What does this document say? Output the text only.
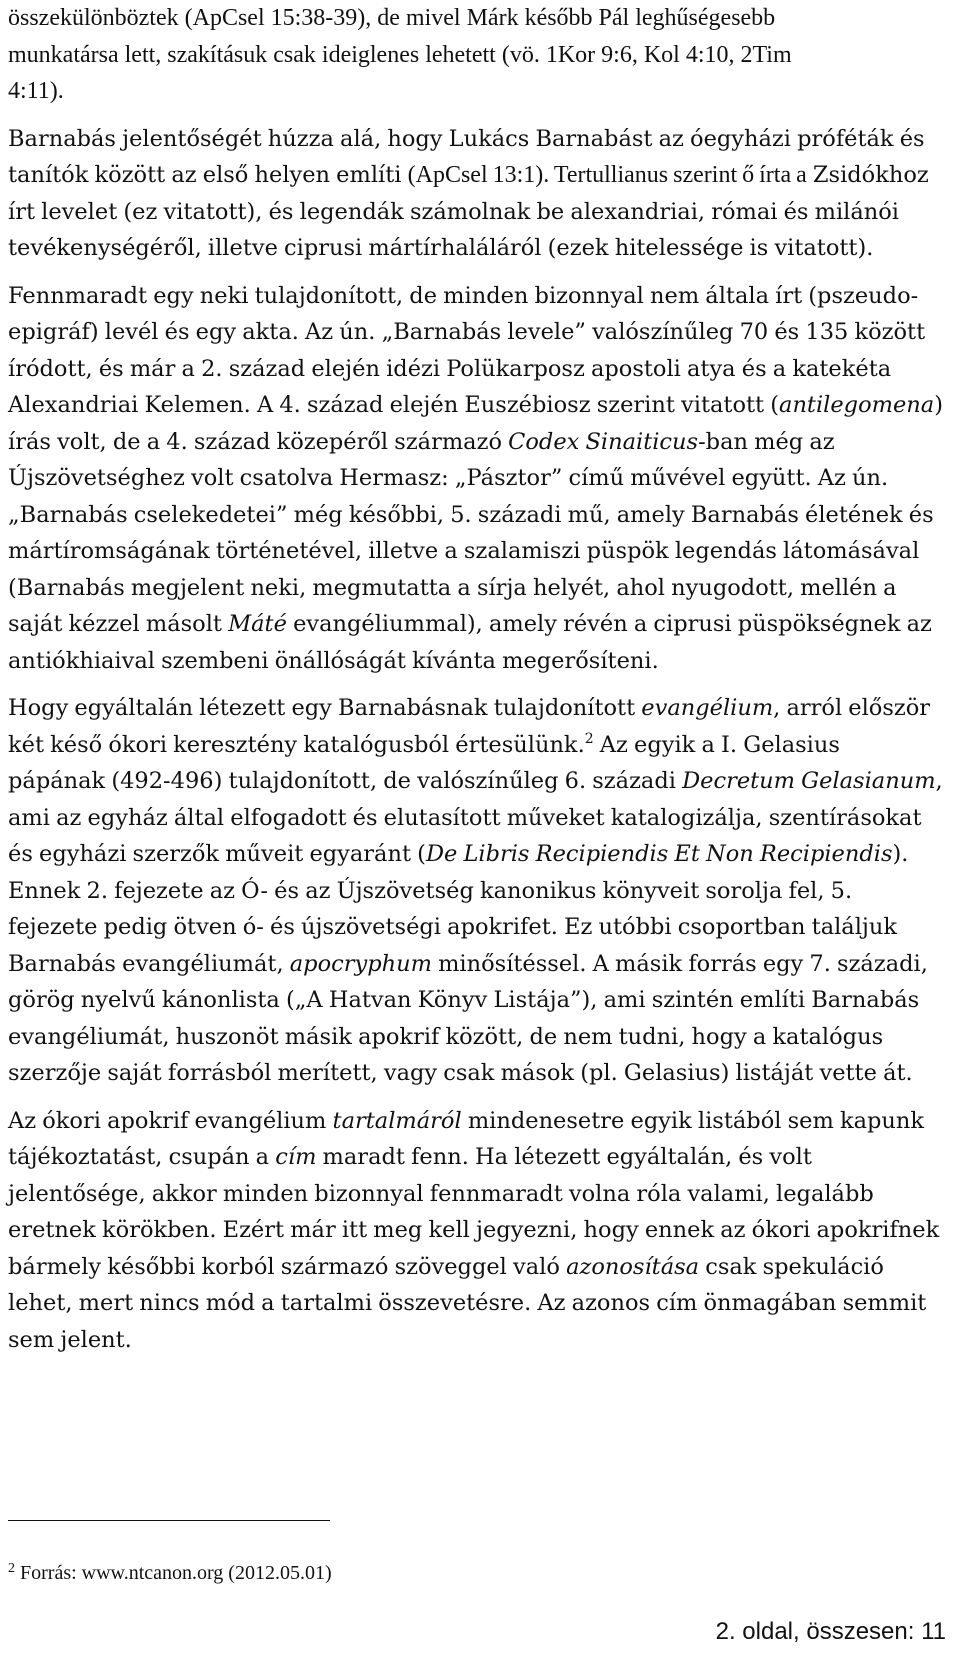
összekülönböztek (ApCsel 15:38-39), de mivel Márk később Pál leghűségesebb
munkatársa lett, szakításuk csak ideiglenes lehetett (vö. 1Kor 9:6, Kol 4:10, 2Tim
4:11).

Barnabás jelentőségét húzza alá, hogy Lukács Barnabást az óegyházi próféták és tanítók között az első helyen említi (ApCsel 13:1). Tertullianus szerint ő írta a Zsidókhoz írt levelet (ez vitatott), és legendák számolnak be alexandriai, római és milánói tevékenységéről, illetve ciprusi mártírhaláláról (ezek hitelessége is vitatott).

Fennmaradt egy neki tulajdonított, de minden bizonnyal nem általa írt (pszeudo-epigráf) levél és egy akta. Az ún. „Barnabás levele” valószínűleg 70 és 135 között íródott, és már a 2. század elején idézi Polükarposz apostoli atya és a katekéta Alexandriai Kelemen. A 4. század elején Euszébiosz szerint vitatott (antilegomena) írás volt, de a 4. század közepéről származó Codex Sinaiticus-ban még az Újszövetséghez volt csatolva Hermasz: „Pásztor” című művével együtt. Az ún. „Barnabás cselekedetei” még későbbi, 5. századi mű, amely Barnabás életének és mártíromságának történetével, illetve a szalamiszi püspök legendás látomásával (Barnabás megjelent neki, megmutatta a sírja helyét, ahol nyugodott, mellén a saját kézzel másolt Máté evangéliummal), amely révén a ciprusi püspökségnek az antiókhiaival szembeni önállóságát kívánta megerősíteni.

Hogy egyáltalán létezett egy Barnabásnak tulajdonított evangélium, arról először két késő ókori keresztény katalógusból értesülünk.$^2$ Az egyik a I. Gelasius pápának (492-496) tulajdonított, de valószínűleg 6. századi Decretum Gelasianum, ami az egyház által elfogadott és elutasított műveket katalogizálja, szentírásokat és egyházi szerzők műveit egyaránt (De Libris Recipiendis Et Non Recipiendis). Ennek 2. fejezete az Ó- és az Újszövetség kanonikus könyveit sorolja fel, 5. fejezete pedig ötven ó- és újszövetségi apokrifet. Ez utóbbi csoportban találjuk Barnabás evangéliumát, apocryphum minősítéssel. A másik forrás egy 7. századi, görög nyelvű kánonlista („A Hatvan Könyv Listája”), ami szintén említi Barnabás evangéliumát, huszonöt másik apokrif között, de nem tudni, hogy a katalógus szerzője saját forrásból merített, vagy csak mások (pl. Gelasius) listáját vette át.

Az ókori apokrif evangélium tartalmáról mindenesetre egyik listából sem kapunk tájékoztatást, csupán a cím maradt fenn. Ha létezett egyáltalán, és volt jelentősége, akkor minden bizonnyal fennmaradt volna róla valami, legalább eretnek körökben. Ezért már itt meg kell jegyezni, hogy ennek az ókori apokrifnek bármely későbbi korból származó szöveggel való azonosítása csak spekuláció lehet, mert nincs mód a tartalmi összevetésre. Az azonos cím önmagában semmit sem jelent.

$^2$ Forrás: www.ntcanon.org (2012.05.01)

2. oldal, összesen: 11
